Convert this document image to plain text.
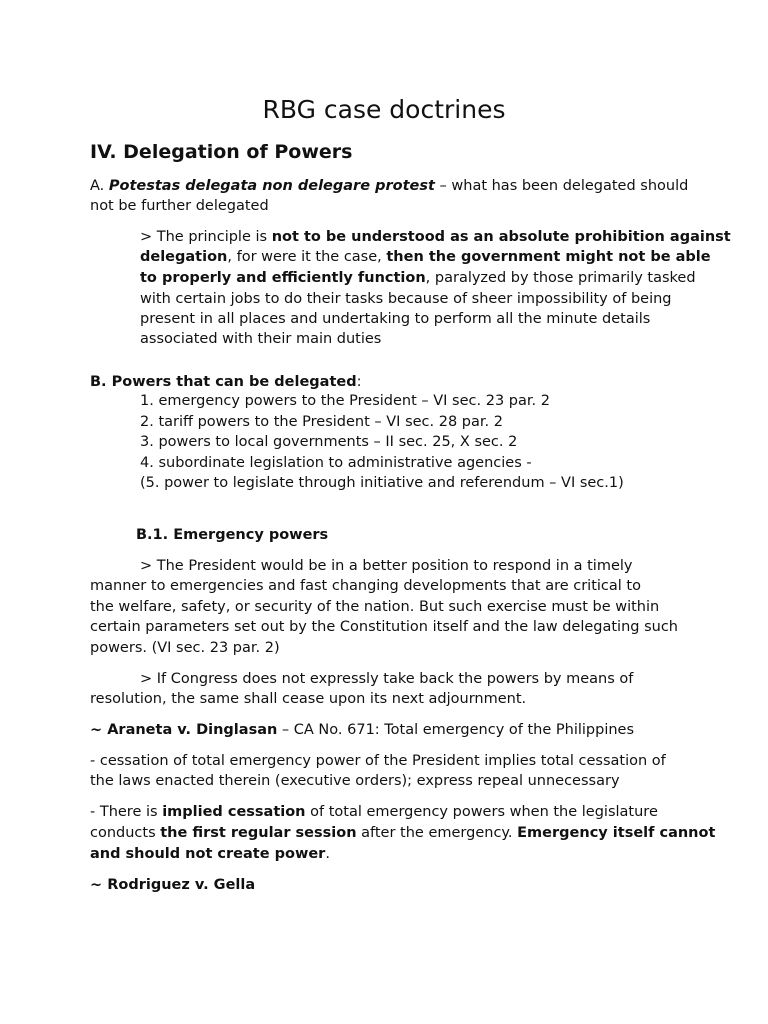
RBG case doctrines
IV. Delegation of Powers
A. Potestas delegata non delegare protest – what has been delegated should
not be further delegated
> The principle is not to be understood as an absolute prohibition against
delegation, for were it the case, then the government might not be able
to properly and efficiently function, paralyzed by those primarily tasked
with certain jobs to do their tasks because of sheer impossibility of being
present in all places and undertaking to perform all the minute details
associated with their main duties
B. Powers that can be delegated:
1. emergency powers to the President – VI sec. 23 par. 2
2. tariff powers to the President – VI sec. 28 par. 2
3. powers to local governments – II sec. 25, X sec. 2
4. subordinate legislation to administrative agencies -
(5. power to legislate through initiative and referendum – VI sec.1)
B.1. Emergency powers
> The President would be in a better position to respond in a timely
manner to emergencies and fast changing developments that are critical to
the welfare, safety, or security of the nation. But such exercise must be within
certain parameters set out by the Constitution itself and the law delegating such
powers. (VI sec. 23 par. 2)
> If Congress does not expressly take back the powers by means of
resolution, the same shall cease upon its next adjournment.
~ Araneta v. Dinglasan – CA No. 671: Total emergency of the Philippines
- cessation of total emergency power of the President implies total cessation of
the laws enacted therein (executive orders); express repeal unnecessary
- There is implied cessation of total emergency powers when the legislature
conducts the first regular session after the emergency. Emergency itself cannot
and should not create power.
~ Rodriguez v. Gella
